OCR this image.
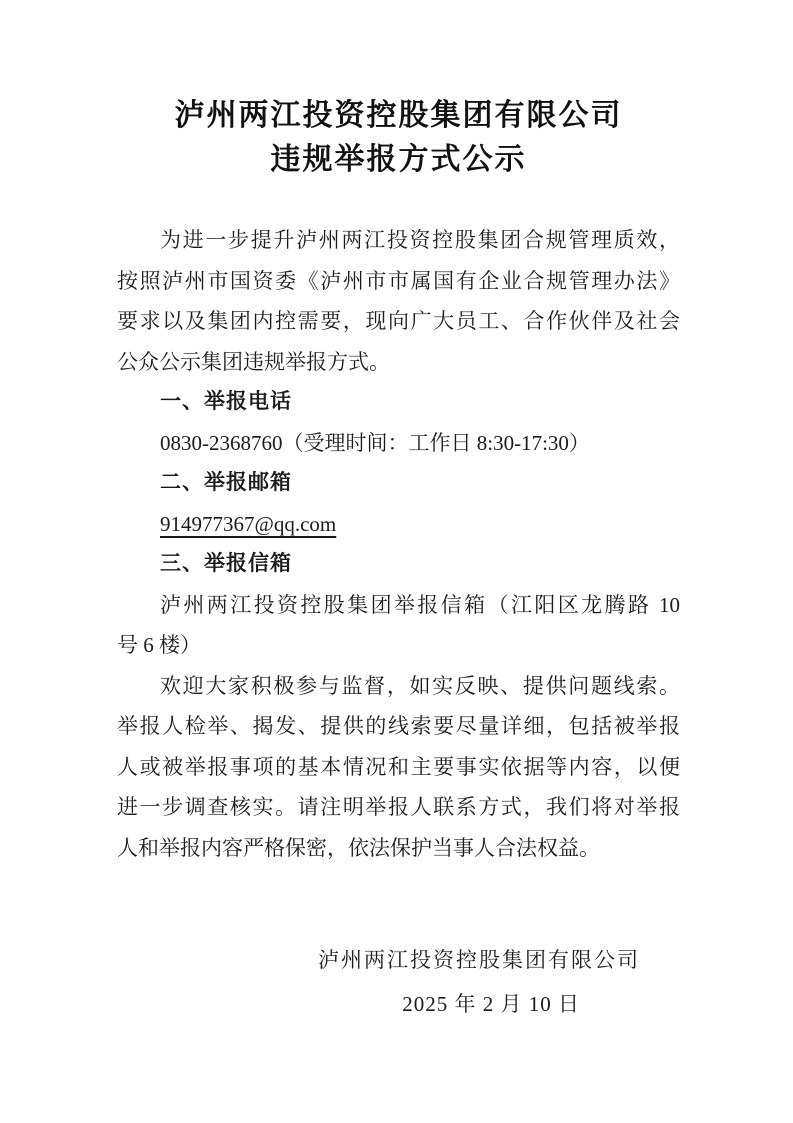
泸州两江投资控股集团有限公司
违规举报方式公示
为进一步提升泸州两江投资控股集团合规管理质效，
按照泸州市国资委《泸州市市属国有企业合规管理办法》
要求以及集团内控需要，现向广大员工、合作伙伴及社会
公众公示集团违规举报方式。
一、举报电话
0830-2368760（受理时间：工作日 8:30-17:30）
二、举报邮箱
914977367@qq.com
三、举报信箱
泸州两江投资控股集团举报信箱（江阳区龙腾路 10
号 6 楼）
欢迎大家积极参与监督，如实反映、提供问题线索。
举报人检举、揭发、提供的线索要尽量详细，包括被举报
人或被举报事项的基本情况和主要事实依据等内容，以便
进一步调查核实。请注明举报人联系方式，我们将对举报
人和举报内容严格保密，依法保护当事人合法权益。
泸州两江投资控股集团有限公司
2025 年 2 月 10 日
